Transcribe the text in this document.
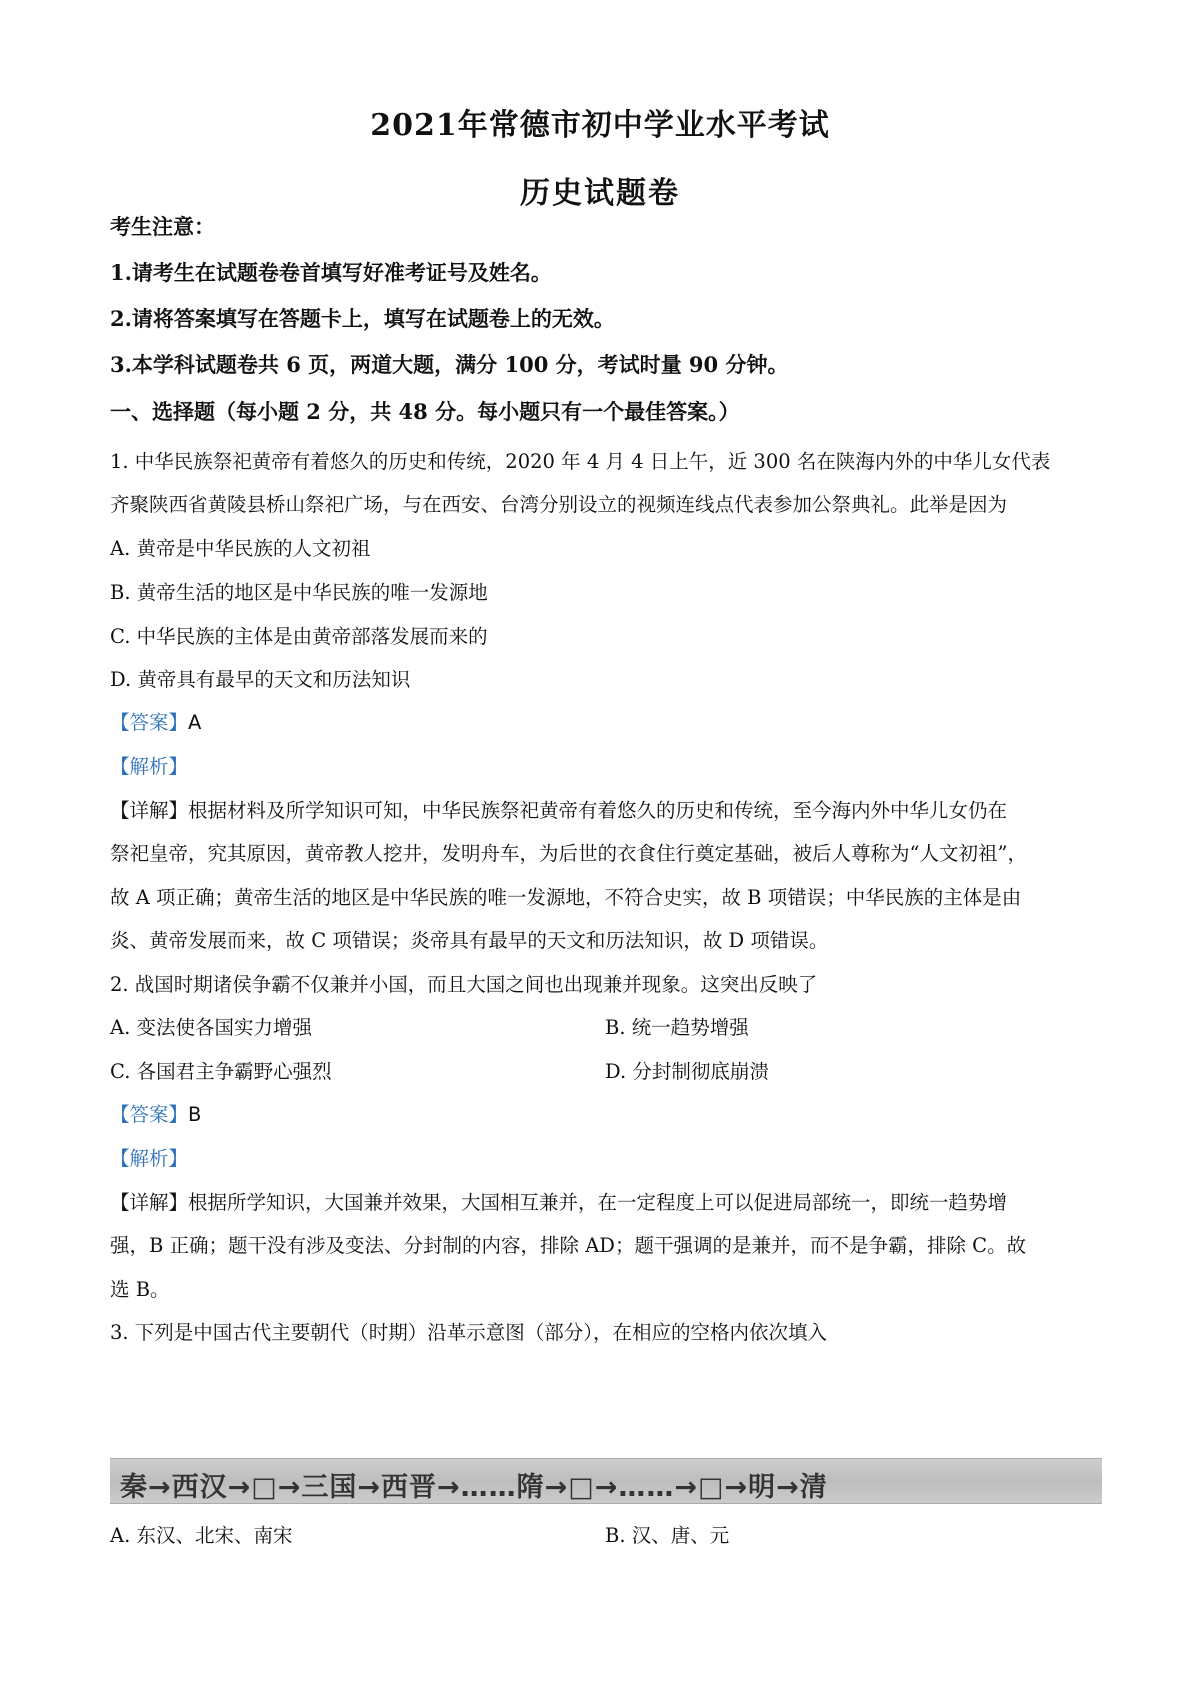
2021年常德市初中学业水平考试
历史试题卷
考生注意：
1.请考生在试题卷卷首填写好准考证号及姓名。
2.请将答案填写在答题卡上，填写在试题卷上的无效。
3.本学科试题卷共 6 页，两道大题，满分 100 分，考试时量 90 分钟。
一、选择题（每小题 2 分，共 48 分。每小题只有一个最佳答案。）
1. 中华民族祭祀黄帝有着悠久的历史和传统，2020 年 4 月 4 日上午，近 300 名在陕海内外的中华儿女代表
齐聚陕西省黄陵县桥山祭祀广场，与在西安、台湾分别设立的视频连线点代表参加公祭典礼。此举是因为
A. 黄帝是中华民族的人文初祖
B. 黄帝生活的地区是中华民族的唯一发源地
C. 中华民族的主体是由黄帝部落发展而来的
D. 黄帝具有最早的天文和历法知识
【答案】A
【解析】
【详解】根据材料及所学知识可知，中华民族祭祀黄帝有着悠久的历史和传统，至今海内外中华儿女仍在
祭祀皇帝，究其原因，黄帝教人挖井，发明舟车，为后世的衣食住行奠定基础，被后人尊称为“人文初祖”，
故 A 项正确；黄帝生活的地区是中华民族的唯一发源地，不符合史实，故 B 项错误；中华民族的主体是由
炎、黄帝发展而来，故 C 项错误；炎帝具有最早的天文和历法知识，故 D 项错误。
2. 战国时期诸侯争霸不仅兼并小国，而且大国之间也出现兼并现象。这突出反映了
A. 变法使各国实力增强	B. 统一趋势增强
C. 各国君主争霸野心强烈	D. 分封制彻底崩溃
【答案】B
【解析】
【详解】根据所学知识，大国兼并效果，大国相互兼并，在一定程度上可以促进局部统一，即统一趋势增
强，B 正确；题干没有涉及变法、分封制的内容，排除 AD；题干强调的是兼并，而不是争霸，排除 C。故
选 B。
3. 下列是中国古代主要朝代（时期）沿革示意图（部分），在相应的空格内依次填入
秦→西汉→□→三国→西晋→……隋→□→……→□→明→清
A. 东汉、北宋、南宋	B. 汉、唐、元
